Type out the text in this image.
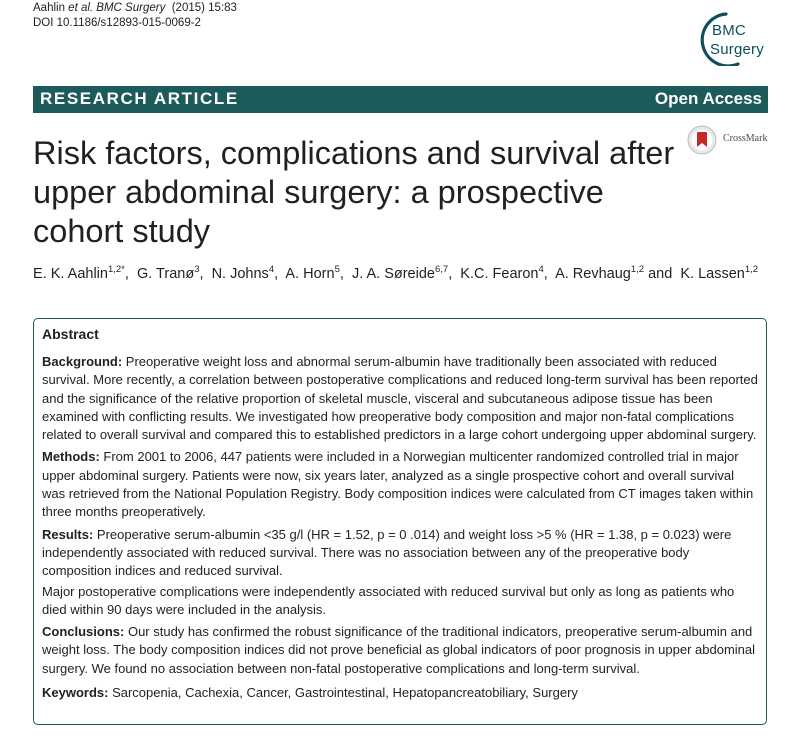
Aahlin et al. BMC Surgery  (2015) 15:83
DOI 10.1186/s12893-015-0069-2	BMC
Surgery
RESEARCH ARTICLE	Open Access
CrossMark
Risk factors, complications and survival after upper abdominal surgery: a prospective cohort study
E. K. Aahlin$^{1,2*}$,  G. Tranø$^3$,  N. Johns$^4$,  A. Horn$^5$,  J. A. Søreide$^{6,7}$,  K.C. Fearon$^4$,  A. Revhaug$^{1,2}$ and  K. Lassen$^{1,2}$
Abstract

Background: Preoperative weight loss and abnormal serum-albumin have traditionally been associated with reduced survival. More recently, a correlation between postoperative complications and reduced long-term survival has been reported and the significance of the relative proportion of skeletal muscle, visceral and subcutaneous adipose tissue has been examined with conflicting results. We investigated how preoperative body composition and major non-fatal complications related to overall survival and compared this to established predictors in a large cohort undergoing upper abdominal surgery.

Methods: From 2001 to 2006, 447 patients were included in a Norwegian multicenter randomized controlled trial in major upper abdominal surgery. Patients were now, six years later, analyzed as a single prospective cohort and overall survival was retrieved from the National Population Registry. Body composition indices were calculated from CT images taken within three months preoperatively.

Results: Preoperative serum-albumin <35 g/l (HR = 1.52, p = 0 .014) and weight loss >5 % (HR = 1.38, p = 0.023) were independently associated with reduced survival. There was no association between any of the preoperative body composition indices and reduced survival.

Major postoperative complications were independently associated with reduced survival but only as long as patients who died within 90 days were included in the analysis.

Conclusions: Our study has confirmed the robust significance of the traditional indicators, preoperative serum-albumin and weight loss. The body composition indices did not prove beneficial as global indicators of poor prognosis in upper abdominal surgery. We found no association between non-fatal postoperative complications and long-term survival.

Keywords: Sarcopenia, Cachexia, Cancer, Gastrointestinal, Hepatopancreatobiliary, Surgery
